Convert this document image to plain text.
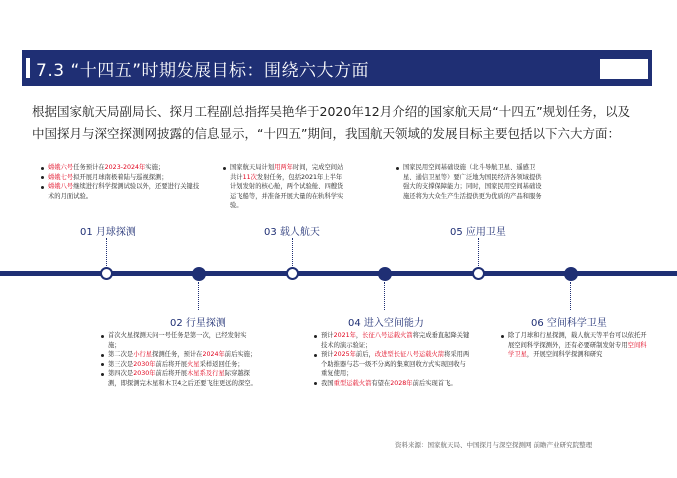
7.3 “十四五”时期发展目标：围绕六大方面

根据国家航天局副局长、探月工程副总指挥吴艳华于2020年12月介绍的国家航天局“十四五”规划任务，以及

中国探月与深空探测网披露的信息显示，“十四五”期间，我国航天领域的发展目标主要包括以下六大方面：

嫦娥六号任务预计在2023-2024年实施；
嫦娥七号拟开展月球南极着陆与巡视探测；
嫦娥八号继续进行科学探测试验以外，还要进行关键技术的月面试验。
国家航天局计划用两年时间，完成空间站共计11次发射任务，包括2021年上半年计划发射的核心舱，两个试验舱、四艘货运飞船等，并准备开展大量的在轨科学实验。
国家民用空间基础设施（北斗导航卫星、遥感卫星、通信卫星等）要广泛地为国民经济各领域提供强大的支撑保障能力；同时，国家民用空间基础设施还将为大众生产生活提供更为优质的产品和服务
首次火星探测天问一号任务是第一次，已经发射实施；
第二次是小行星探测任务，预计在2024年前后实施；
第三次是2030年前后将开展火星采样返回任务；
第四次是2030年前后将开展木星系及行星际穿越探测，即探测完木星和木卫4之后还要飞往更远的深空。
预计2021年，长征八号运载火箭将完成垂直起降关键技术的演示验证；
预计2025年前后，改进型长征八号运载火箭将采用两个助推器与芯一级不分离的集束回收方式实现回收与重复使用；
我国重型运载火箭有望在2028年前后实现首飞。
除了月球和行星探测，载人航天等平台可以依托开展空间科学探测外，还有必要研制发射专用空间科学卫星，开展空间科学探测和研究
01 月球探测
02 行星探测
03 载人航天
04 进入空间能力
05 应用卫星
06 空间科学卫星
资料来源：国家航天局、中国探月与深空探测网 前瞻产业研究院整理
